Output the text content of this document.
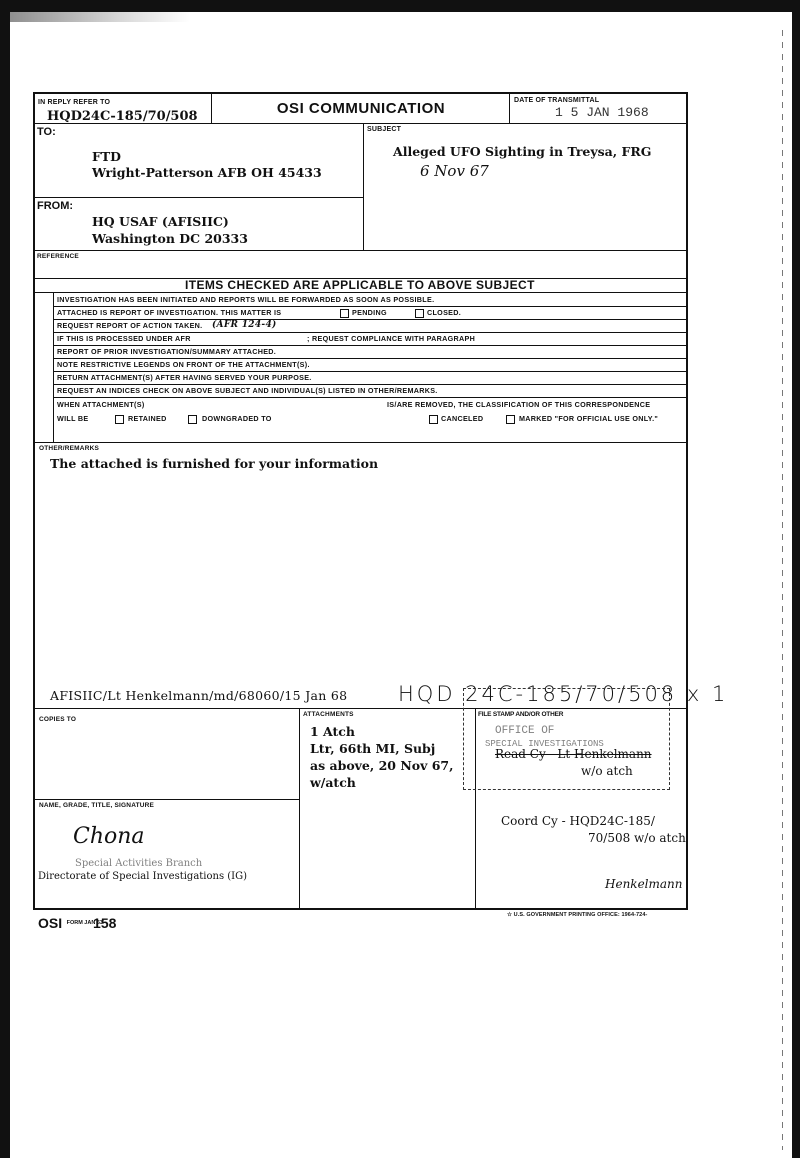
IN REPLY REFER TO
HQD24C-185/70/508	OSI COMMUNICATION	DATE OF TRANSMITTAL
1 5 JAN 1968
TO:
FTD
Wright-Patterson AFB OH 45433
SUBJECT
Alleged UFO Sighting in Treysa, FRG
6 Nov 67
FROM:
HQ USAF (AFISIIC)
Washington DC 20333
REFERENCE
ITEMS CHECKED ARE APPLICABLE TO ABOVE SUBJECT
INVESTIGATION HAS BEEN INITIATED AND REPORTS WILL BE FORWARDED AS SOON AS POSSIBLE.
ATTACHED IS REPORT OF INVESTIGATION. THIS MATTER IS	PENDING	CLOSED.
REQUEST REPORT OF ACTION TAKEN. (AFR 124-4)
IF THIS IS PROCESSED UNDER AFR	; REQUEST COMPLIANCE WITH PARAGRAPH
REPORT OF PRIOR INVESTIGATION/SUMMARY ATTACHED.
NOTE RESTRICTIVE LEGENDS ON FRONT OF THE ATTACHMENT(S).
RETURN ATTACHMENT(S) AFTER HAVING SERVED YOUR PURPOSE.
REQUEST AN INDICES CHECK ON ABOVE SUBJECT AND INDIVIDUAL(S) LISTED IN OTHER/REMARKS.
WHEN ATTACHMENT(S)	IS/ARE REMOVED, THE CLASSIFICATION OF THIS CORRESPONDENCE
WILL BE	RETAINED	DOWNGRADED TO	CANCELED	MARKED "FOR OFFICIAL USE ONLY."
OTHER/REMARKS
The attached is furnished for your information
AFISIIC/Lt Henkelmann/md/68060/15 Jan 68 HQD 24C-185/70/508 x 1
COPIES TO
ATTACHMENTS
1 Atch
Ltr, 66th MI, Subj
as above, 20 Nov 67,
w/atch
FILE STAMP AND/OR OTHER
OFFICE OF
SPECIAL INVESTIGATIONS
Read Cy - Lt Henkelmann
w/o atch
Coord Cy - HQD24C-185/
70/508 w/o atch
Henkelmann
NAME, GRADE, TITLE, SIGNATURE
Chona
Special Activities Branch
Directorate of Special Investigations (IG)
OSI FORM JAN 63 158	☆ U.S. GOVERNMENT PRINTING OFFICE: 1964-724-
